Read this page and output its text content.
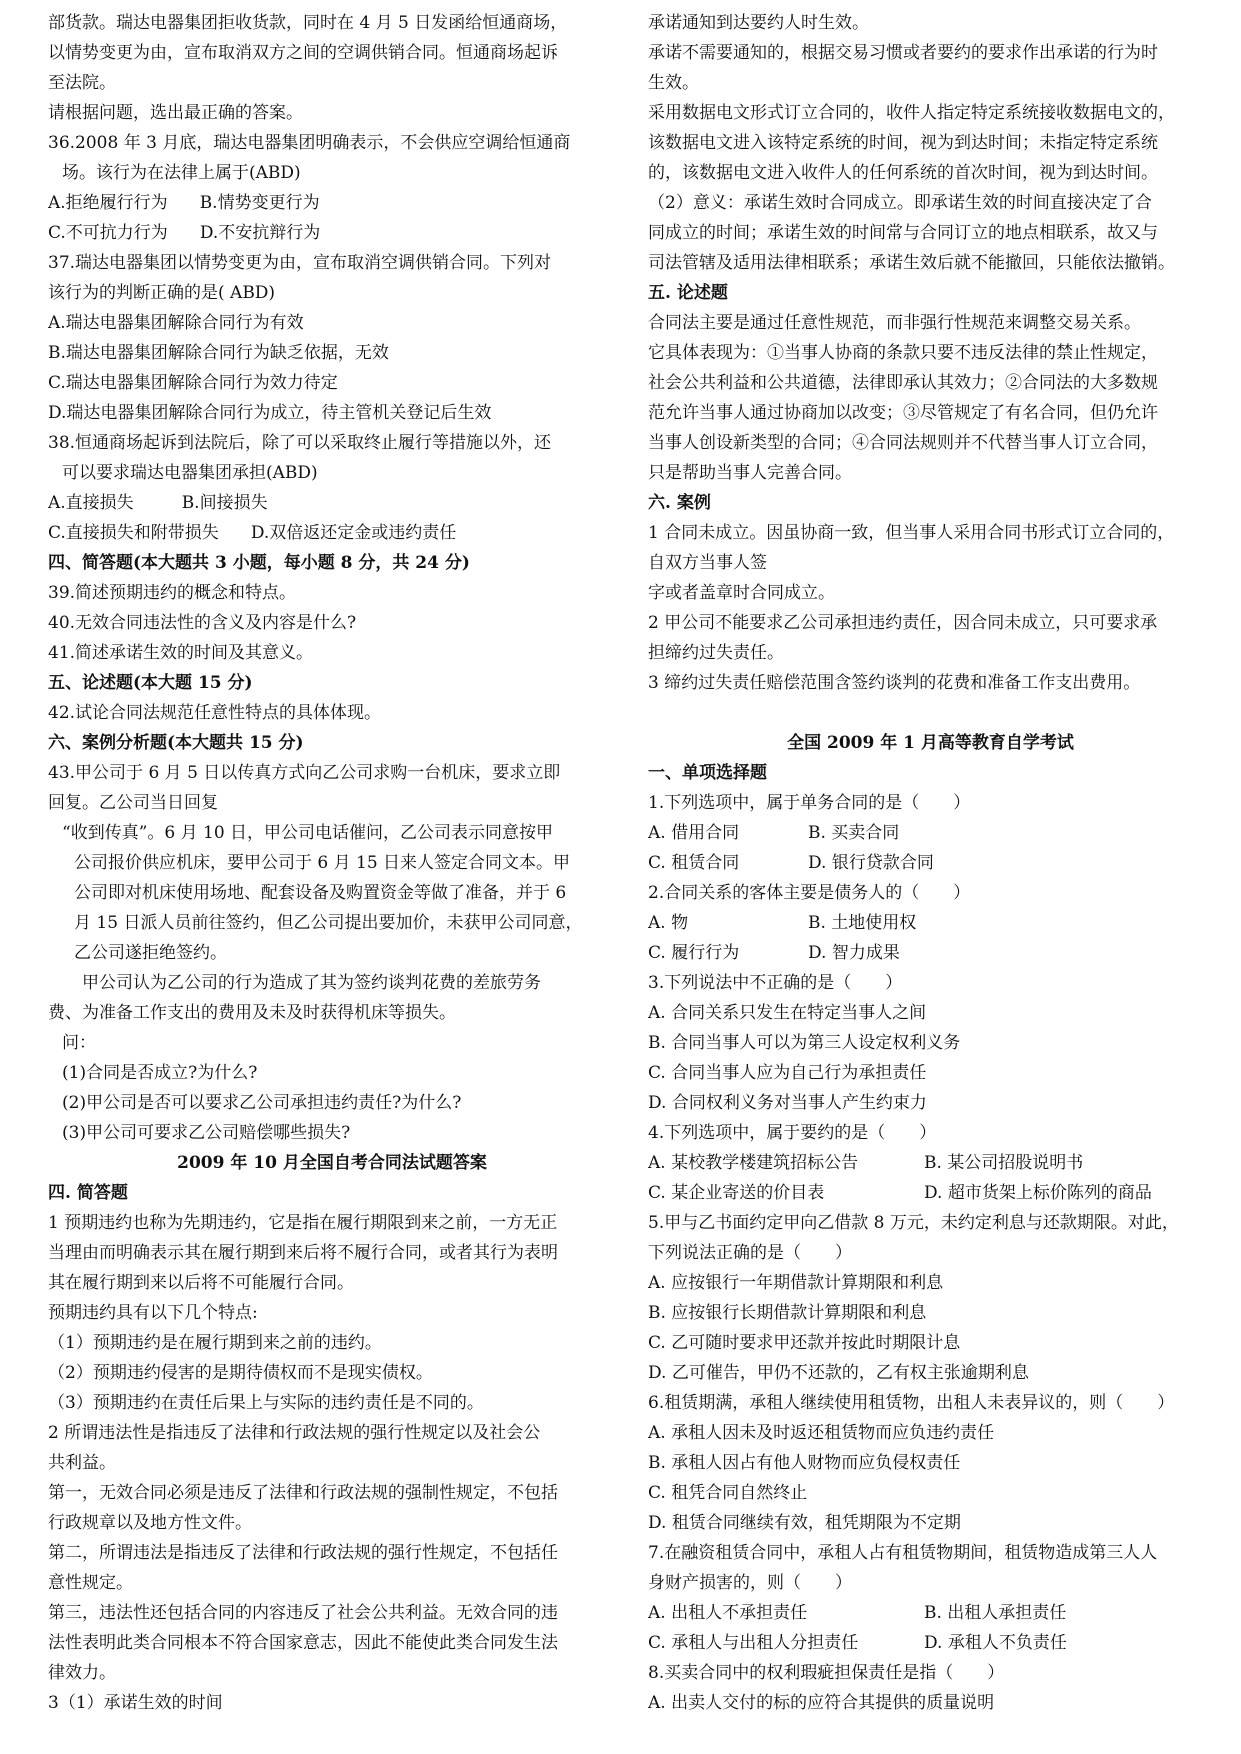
部货款。瑞达电器集团拒收货款，同时在 4 月 5 日发函给恒通商场，
以情势变更为由，宣布取消双方之间的空调供销合同。恒通商场起诉
至法院。
请根据问题，选出最正确的答案。
36.2008 年 3 月底，瑞达电器集团明确表示，不会供应空调给恒通商
场。该行为在法律上属于(ABD)
A.拒绝履行行为 B.情势变更行为
C.不可抗力行为 D.不安抗辩行为
37.瑞达电器集团以情势变更为由，宣布取消空调供销合同。下列对
该行为的判断正确的是( ABD)
A.瑞达电器集团解除合同行为有效
B.瑞达电器集团解除合同行为缺乏依据，无效
C.瑞达电器集团解除合同行为效力待定
D.瑞达电器集团解除合同行为成立，待主管机关登记后生效
38.恒通商场起诉到法院后，除了可以采取终止履行等措施以外，还
可以要求瑞达电器集团承担(ABD)
A.直接损失	B.间接损失
C.直接损失和附带损失 D.双倍返还定金或违约责任
四、简答题(本大题共 3 小题，每小题 8 分，共 24 分)
39.简述预期违约的概念和特点。
40.无效合同违法性的含义及内容是什么?
41.简述承诺生效的时间及其意义。
五、论述题(本大题 15 分)
42.试论合同法规范任意性特点的具体体现。
六、案例分析题(本大题共 15 分)
43.甲公司于 6 月 5 日以传真方式向乙公司求购一台机床，要求立即
回复。乙公司当日回复
“收到传真”。6 月 10 日，甲公司电话催问，乙公司表示同意按甲
公司报价供应机床，要甲公司于 6 月 15 日来人签定合同文本。甲
公司即对机床使用场地、配套设备及购置资金等做了准备，并于 6
月 15 日派人员前往签约，但乙公司提出要加价，未获甲公司同意，
乙公司遂拒绝签约。
甲公司认为乙公司的行为造成了其为签约谈判花费的差旅劳务
费、为准备工作支出的费用及未及时获得机床等损失。
问：
(1)合同是否成立?为什么?
(2)甲公司是否可以要求乙公司承担违约责任?为什么?
(3)甲公司可要求乙公司赔偿哪些损失?
2009 年 10 月全国自考合同法试题答案
四. 简答题
1 预期违约也称为先期违约，它是指在履行期限到来之前，一方无正
当理由而明确表示其在履行期到来后将不履行合同，或者其行为表明
其在履行期到来以后将不可能履行合同。
预期违约具有以下几个特点:
（1）预期违约是在履行期到来之前的违约。
（2）预期违约侵害的是期待债权而不是现实债权。
（3）预期违约在责任后果上与实际的违约责任是不同的。
2 所谓违法性是指违反了法律和行政法规的强行性规定以及社会公
共利益。
第一，无效合同必须是违反了法律和行政法规的强制性规定，不包括
行政规章以及地方性文件。
第二，所谓违法是指违反了法律和行政法规的强行性规定，不包括任
意性规定。
第三，违法性还包括合同的内容违反了社会公共利益。无效合同的违
法性表明此类合同根本不符合国家意志，因此不能使此类合同发生法
律效力。
3（1）承诺生效的时间
承诺通知到达要约人时生效。
承诺不需要通知的，根据交易习惯或者要约的要求作出承诺的行为时
生效。
采用数据电文形式订立合同的，收件人指定特定系统接收数据电文的，
该数据电文进入该特定系统的时间，视为到达时间；未指定特定系统
的，该数据电文进入收件人的任何系统的首次时间，视为到达时间。
（2）意义：承诺生效时合同成立。即承诺生效的时间直接决定了合
同成立的时间；承诺生效的时间常与合同订立的地点相联系，故又与
司法管辖及适用法律相联系；承诺生效后就不能撤回，只能依法撤销。
五. 论述题
合同法主要是通过任意性规范，而非强行性规范来调整交易关系。
它具体表现为：①当事人协商的条款只要不违反法律的禁止性规定，
社会公共利益和公共道德，法律即承认其效力；②合同法的大多数规
范允许当事人通过协商加以改变；③尽管规定了有名合同，但仍允许
当事人创设新类型的合同；④合同法规则并不代替当事人订立合同，
只是帮助当事人完善合同。
六. 案例
1 合同未成立。因虽协商一致，但当事人采用合同书形式订立合同的，
自双方当事人签
字或者盖章时合同成立。
2 甲公司不能要求乙公司承担违约责任，因合同未成立，只可要求承
担缔约过失责任。
3 缔约过失责任赔偿范围含签约谈判的花费和准备工作支出费用。
全国 2009 年 1 月高等教育自学考试
一、单项选择题
1.下列选项中，属于单务合同的是（　　）
A. 借用合同	B. 买卖合同
C. 租赁合同	D. 银行贷款合同
2.合同关系的客体主要是债务人的（　　）
A. 物	B. 土地使用权
C. 履行行为	D. 智力成果
3.下列说法中不正确的是（　　）
A. 合同关系只发生在特定当事人之间
B. 合同当事人可以为第三人设定权利义务
C. 合同当事人应为自己行为承担责任
D. 合同权利义务对当事人产生约束力
4.下列选项中，属于要约的是（　　）
A. 某校教学楼建筑招标公告	B. 某公司招股说明书
C. 某企业寄送的价目表	D. 超市货架上标价陈列的商品
5.甲与乙书面约定甲向乙借款 8 万元，未约定利息与还款期限。对此，
下列说法正确的是（　　）
A. 应按银行一年期借款计算期限和利息
B. 应按银行长期借款计算期限和利息
C. 乙可随时要求甲还款并按此时期限计息
D. 乙可催告，甲仍不还款的，乙有权主张逾期利息
6.租赁期满，承租人继续使用租赁物，出租人未表异议的，则（　　）
A. 承租人因未及时返还租赁物而应负违约责任
B. 承租人因占有他人财物而应负侵权责任
C. 租凭合同自然终止
D. 租赁合同继续有效，租凭期限为不定期
7.在融资租赁合同中，承租人占有租赁物期间，租赁物造成第三人人
身财产损害的，则（　　）
A. 出租人不承担责任	B. 出租人承担责任
C. 承租人与出租人分担责任	D. 承租人不负责任
8.买卖合同中的权利瑕疵担保责任是指（　　）
A. 出卖人交付的标的应符合其提供的质量说明
